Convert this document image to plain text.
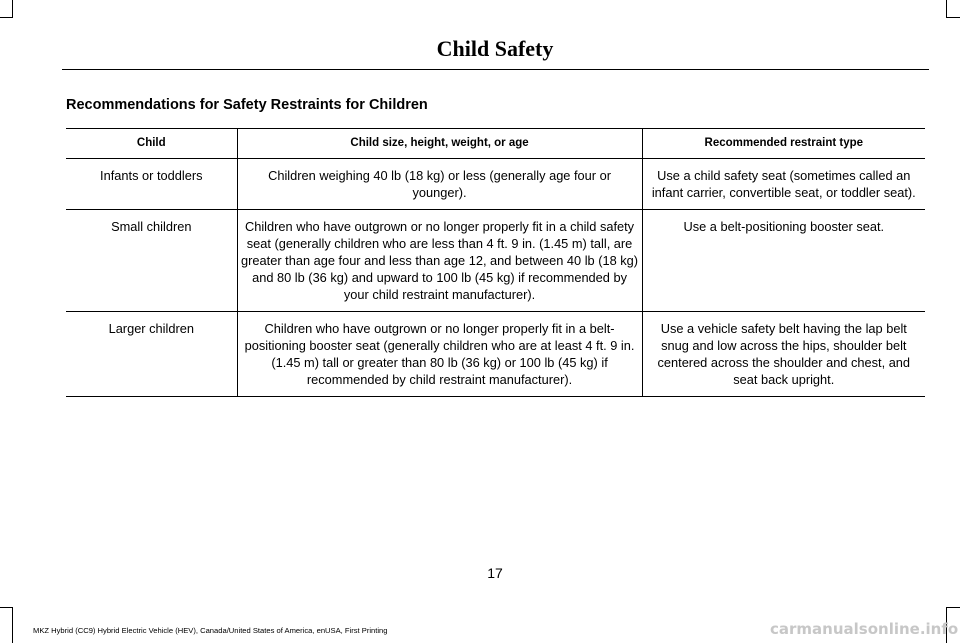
Child Safety
Recommendations for Safety Restraints for Children
Child	Child size, height, weight, or age	Recommended restraint type
Infants or toddlers	Children weighing 40 lb (18 kg) or less (generally age four or younger).	Use a child safety seat (sometimes called an infant carrier, convertible seat, or toddler seat).
Small children	Children who have outgrown or no longer properly fit in a child safety seat (generally children who are less than 4 ft. 9 in. (1.45 m) tall, are greater than age four and less than age 12, and between 40 lb (18 kg) and 80 lb (36 kg) and upward to 100 lb (45 kg) if recommended by your child restraint manufacturer).	Use a belt-positioning booster seat.
Larger children	Children who have outgrown or no longer properly fit in a belt-positioning booster seat (generally children who are at least 4 ft. 9 in. (1.45 m) tall or greater than 80 lb (36 kg) or 100 lb (45 kg) if recommended by child restraint manufacturer).	Use a vehicle safety belt having the lap belt snug and low across the hips, shoulder belt centered across the shoulder and chest, and seat back upright.
17
MKZ Hybrid (CC9) Hybrid Electric Vehicle (HEV), Canada/United States of America, enUSA, First Printing	carmanualsonline.info
